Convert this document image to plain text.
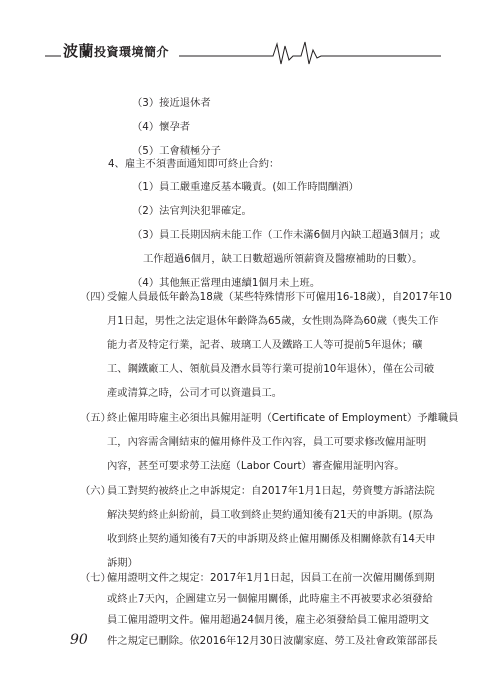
波蘭投資環境簡介
（3）接近退休者
（4）懷孕者
（5）工會積極分子
4、雇主不須書面通知即可終止合約：
（1）員工嚴重違反基本職責。(如工作時間酗酒）
（2）法官判決犯罪確定。
（3）員工長期因病未能工作（工作未滿6個月內缺工超過3個月；或
工作超過6個月，缺工日數超過所領薪資及醫療補助的日數）。
（4）其他無正當理由連續1個月未上班。
（四）
受僱人員最低年齡為18歲（某些特殊情形下可僱用16-18歲），自2017年10
月1日起，男性之法定退休年齡降為65歲，女性則為降為60歲（喪失工作
能力者及特定行業，記者、玻璃工人及鐵路工人等可提前5年退休；礦
工、鋼鐵廠工人、領航員及潛水員等行業可提前10年退休），僅在公司破
產或清算之時，公司才可以資遣員工。
（五）
終止僱用時雇主必須出具僱用証明（Certificate of Employment）予離職員
工，內容需含剛結束的僱用條件及工作內容，員工可要求修改僱用証明
內容，甚至可要求勞工法庭（Labor Court）審查僱用証明內容。
（六）
員工對契約被終止之申訴規定：自2017年1月1日起，勞資雙方訴諸法院
解決契約終止糾紛前，員工收到終止契約通知後有21天的申訴期。(原為
收到終止契約通知後有7天的申訴期及終止僱用關係及相關條款有14天申
訴期）
（七）
僱用證明文件之規定：2017年1月1日起，因員工在前一次僱用關係到期
或終止7天內，企圖建立另一個僱用關係，此時雇主不再被要求必須發給
員工僱用證明文件。僱用超過24個月後，雇主必須發給員工僱用證明文
件之規定已刪除。依2016年12月30日波蘭家庭、勞工及社會政策部部長
90
